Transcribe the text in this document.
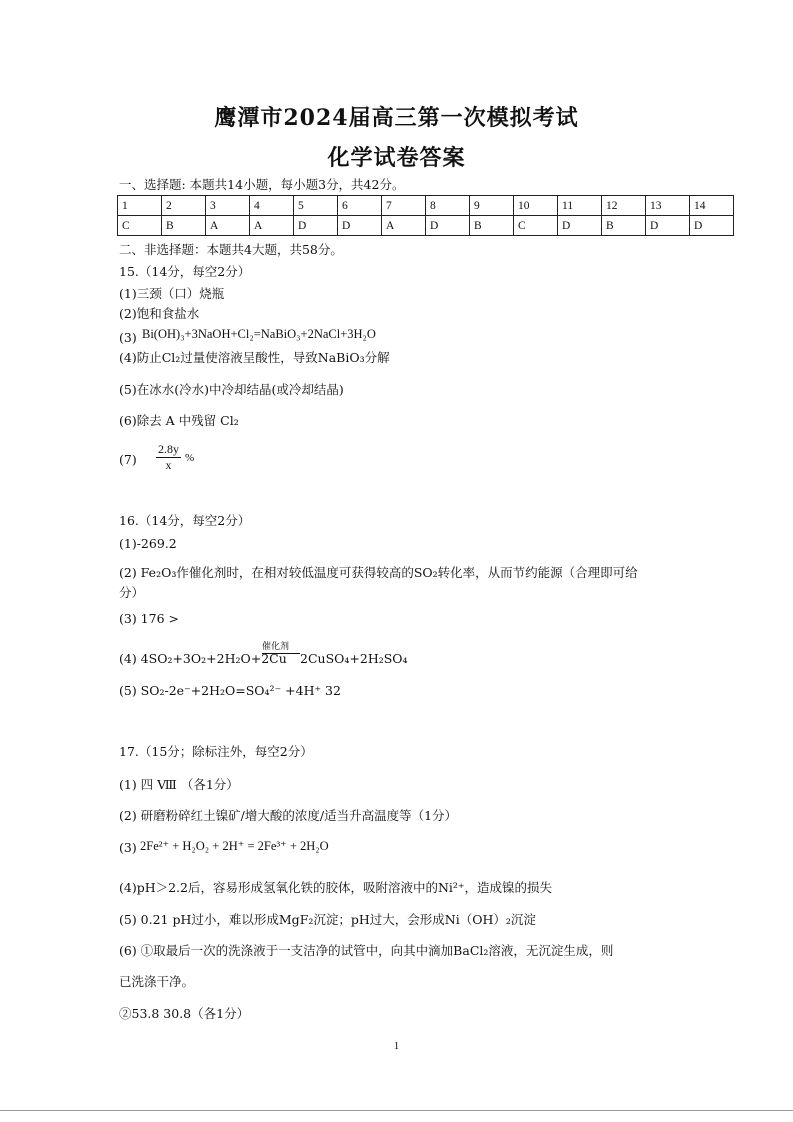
鹰潭市2024届高三第一次模拟考试
化学试卷答案
一、选择题: 本题共14小题，每小题3分，共42分。
1	2	3	4	5	6	7	8	9	10	11	12	13	14
C	B	A	A	D	D	A	D	B	C	D	B	D	D
二、非选择题：本题共4大题，共58分。
15.（14分，每空2分）
(1)三颈（口）烧瓶
(2)饱和食盐水
(3) Bi(OH)₃+3NaOH+Cl₂=NaBiO₃+2NaCl+3H₂O
(4)防止Cl₂过量使溶液呈酸性，导致NaBiO₃分解
(5)在冰水(冷水)中冷却结晶(或冷却结晶)
(6)除去 A 中残留 Cl₂
$(7) \frac{2.8y}{x}$ %
16.（14分，每空2分）
(1)-269.2
(2) Fe₂O₃作催化剂时，在相对较低温度可获得较高的SO₂转化率，从而节约能源（合理即可给
分）
(3) 176 >
(4) 4SO₂+3O₂+2H₂O+2Cu
催化剂
2CuSO₄+2H₂SO₄
(5) SO₂-2e⁻+2H₂O=SO₄²⁻ +4H⁺ 32
17.（15分；除标注外，每空2分）
(1) 四 Ⅷ （各1分）
(2) 研磨粉碎红土镍矿/增大酸的浓度/适当升高温度等（1分）
(3) 2Fe²⁺ + H₂O₂ + 2H⁺ = 2Fe³⁺ + 2H₂O
(4)pH＞2.2后，容易形成氢氧化铁的胶体，吸附溶液中的Ni²⁺，造成镍的损失
(5) 0.21 pH过小，难以形成MgF₂沉淀；pH过大，会形成Ni（OH）₂沉淀
(6) ①取最后一次的洗涤液于一支洁净的试管中，向其中滴加BaCl₂溶液，无沉淀生成，则
已洗涤干净。
②53.8 30.8（各1分）
1
